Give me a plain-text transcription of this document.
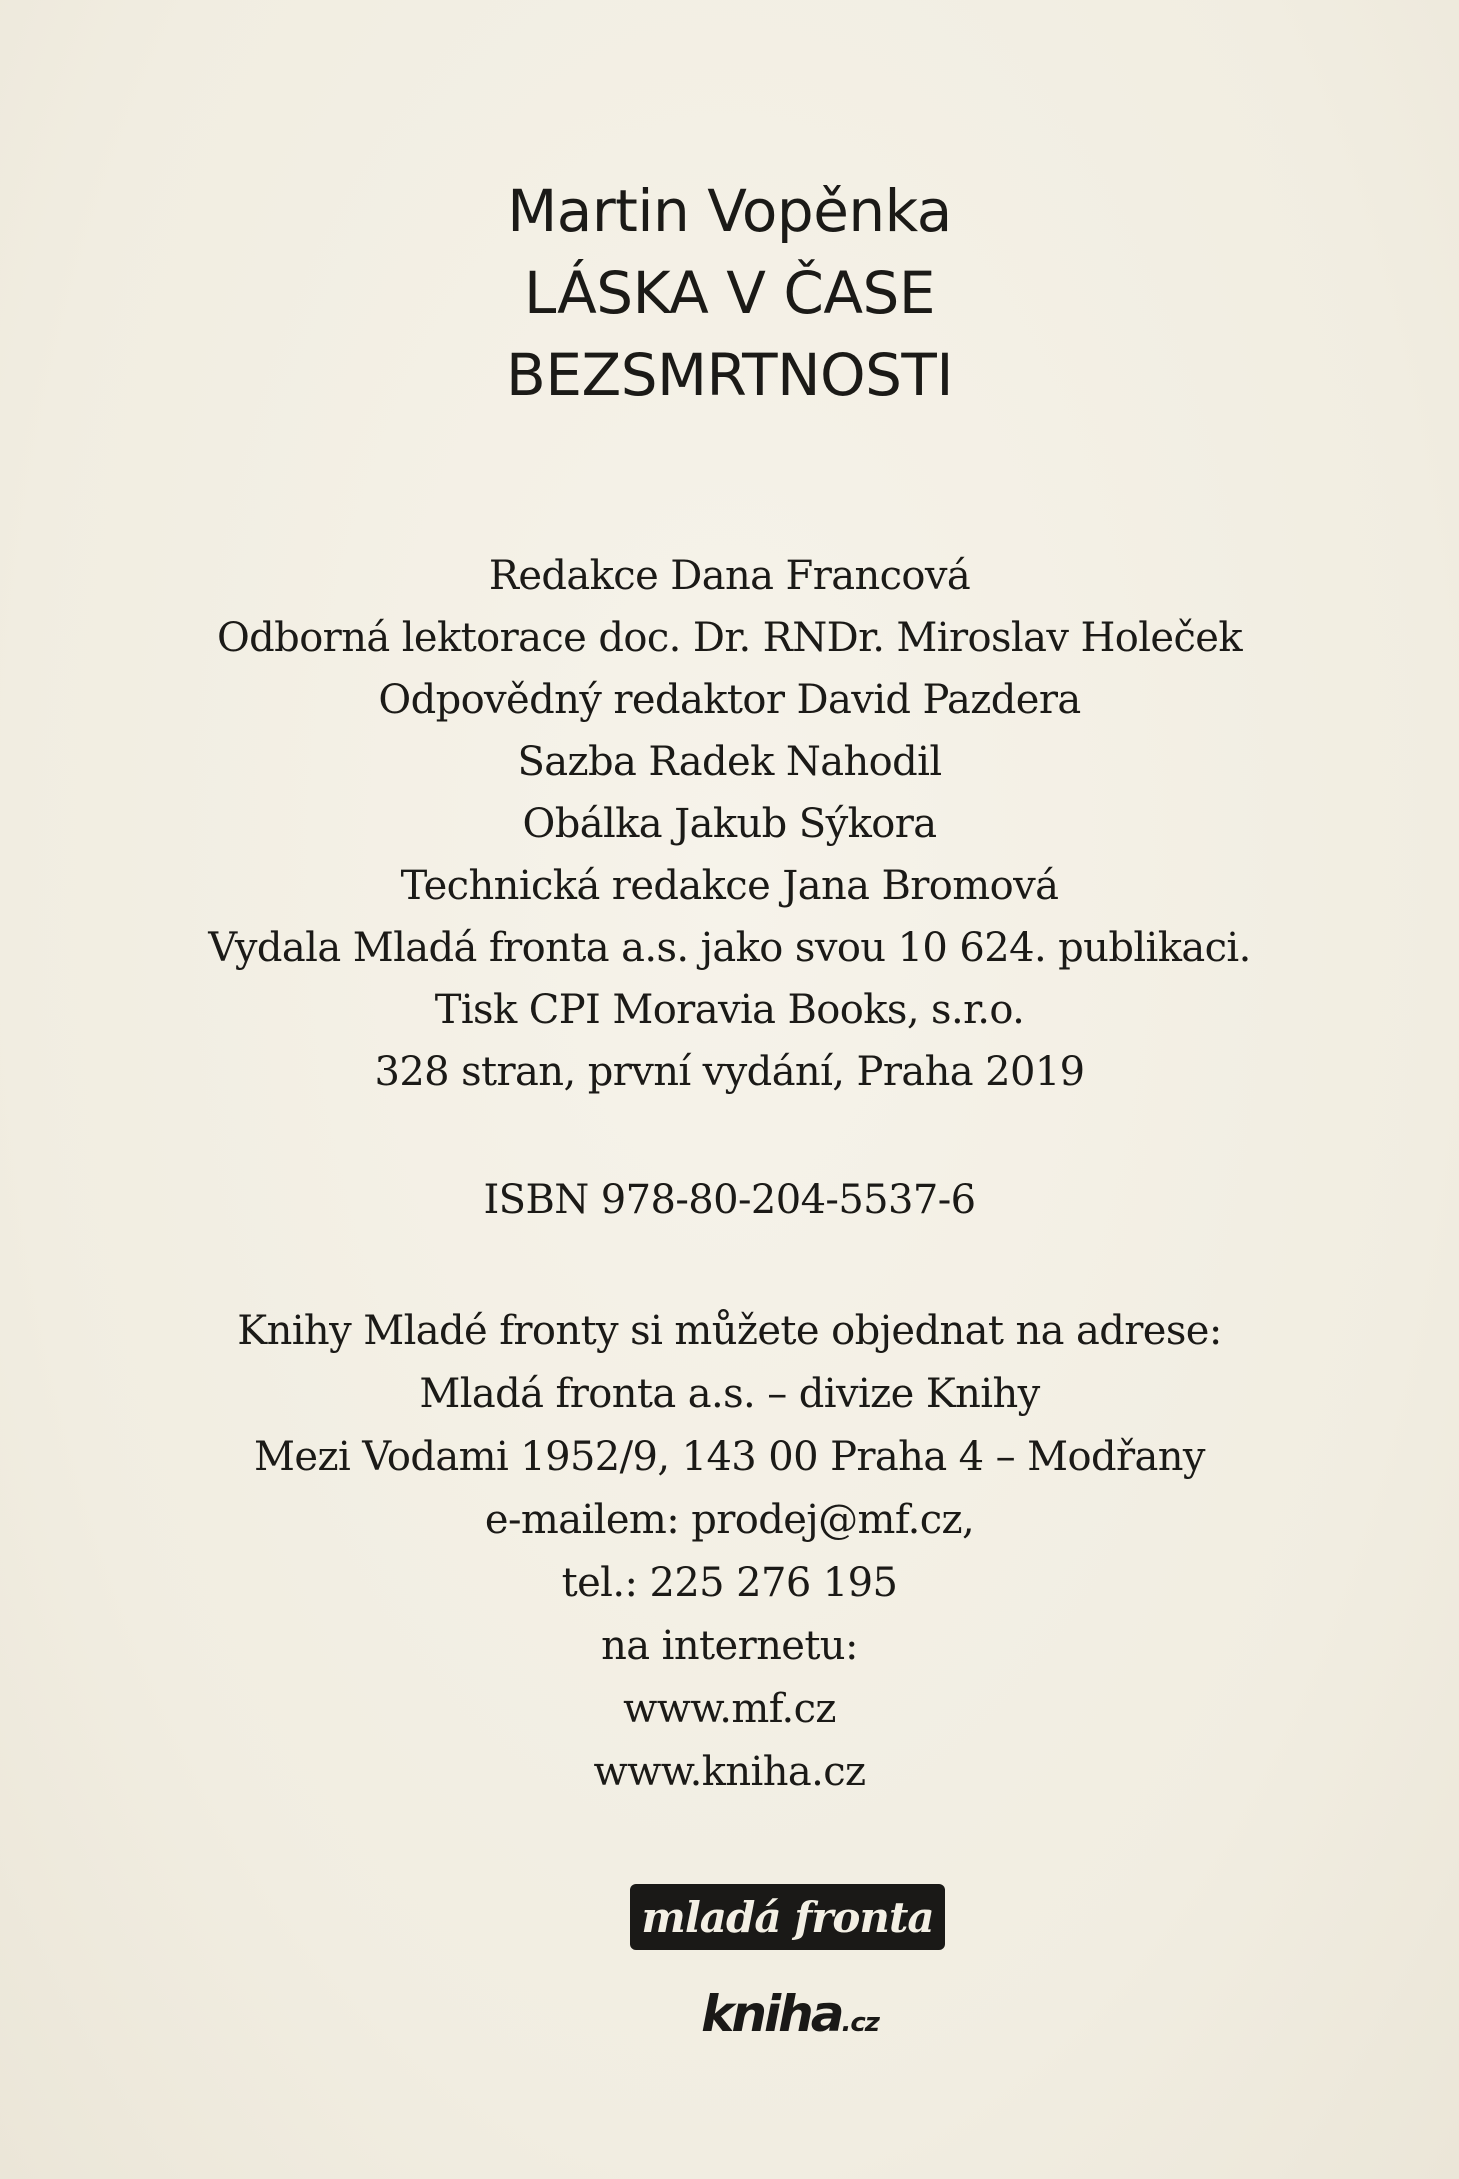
Martin Vopěnka
LÁSKA V ČASE
BEZSMRTNOSTI
Redakce Dana Francová
Odborná lektorace doc. Dr. RNDr. Miroslav Holeček
Odpovědný redaktor David Pazdera
Sazba Radek Nahodil
Obálka Jakub Sýkora
Technická redakce Jana Bromová
Vydala Mladá fronta a.s. jako svou 10 624. publikaci.
Tisk CPI Moravia Books, s.r.o.
328 stran, první vydání, Praha 2019
ISBN 978-80-204-5537-6
Knihy Mladé fronty si můžete objednat na adrese:
Mladá fronta a.s. – divize Knihy
Mezi Vodami 1952/9, 143 00 Praha 4 – Modřany
e-mailem: prodej@mf.cz,
tel.: 225 276 195
na internetu:
www.mf.cz
www.kniha.cz
mladá fronta
kniha .cz
